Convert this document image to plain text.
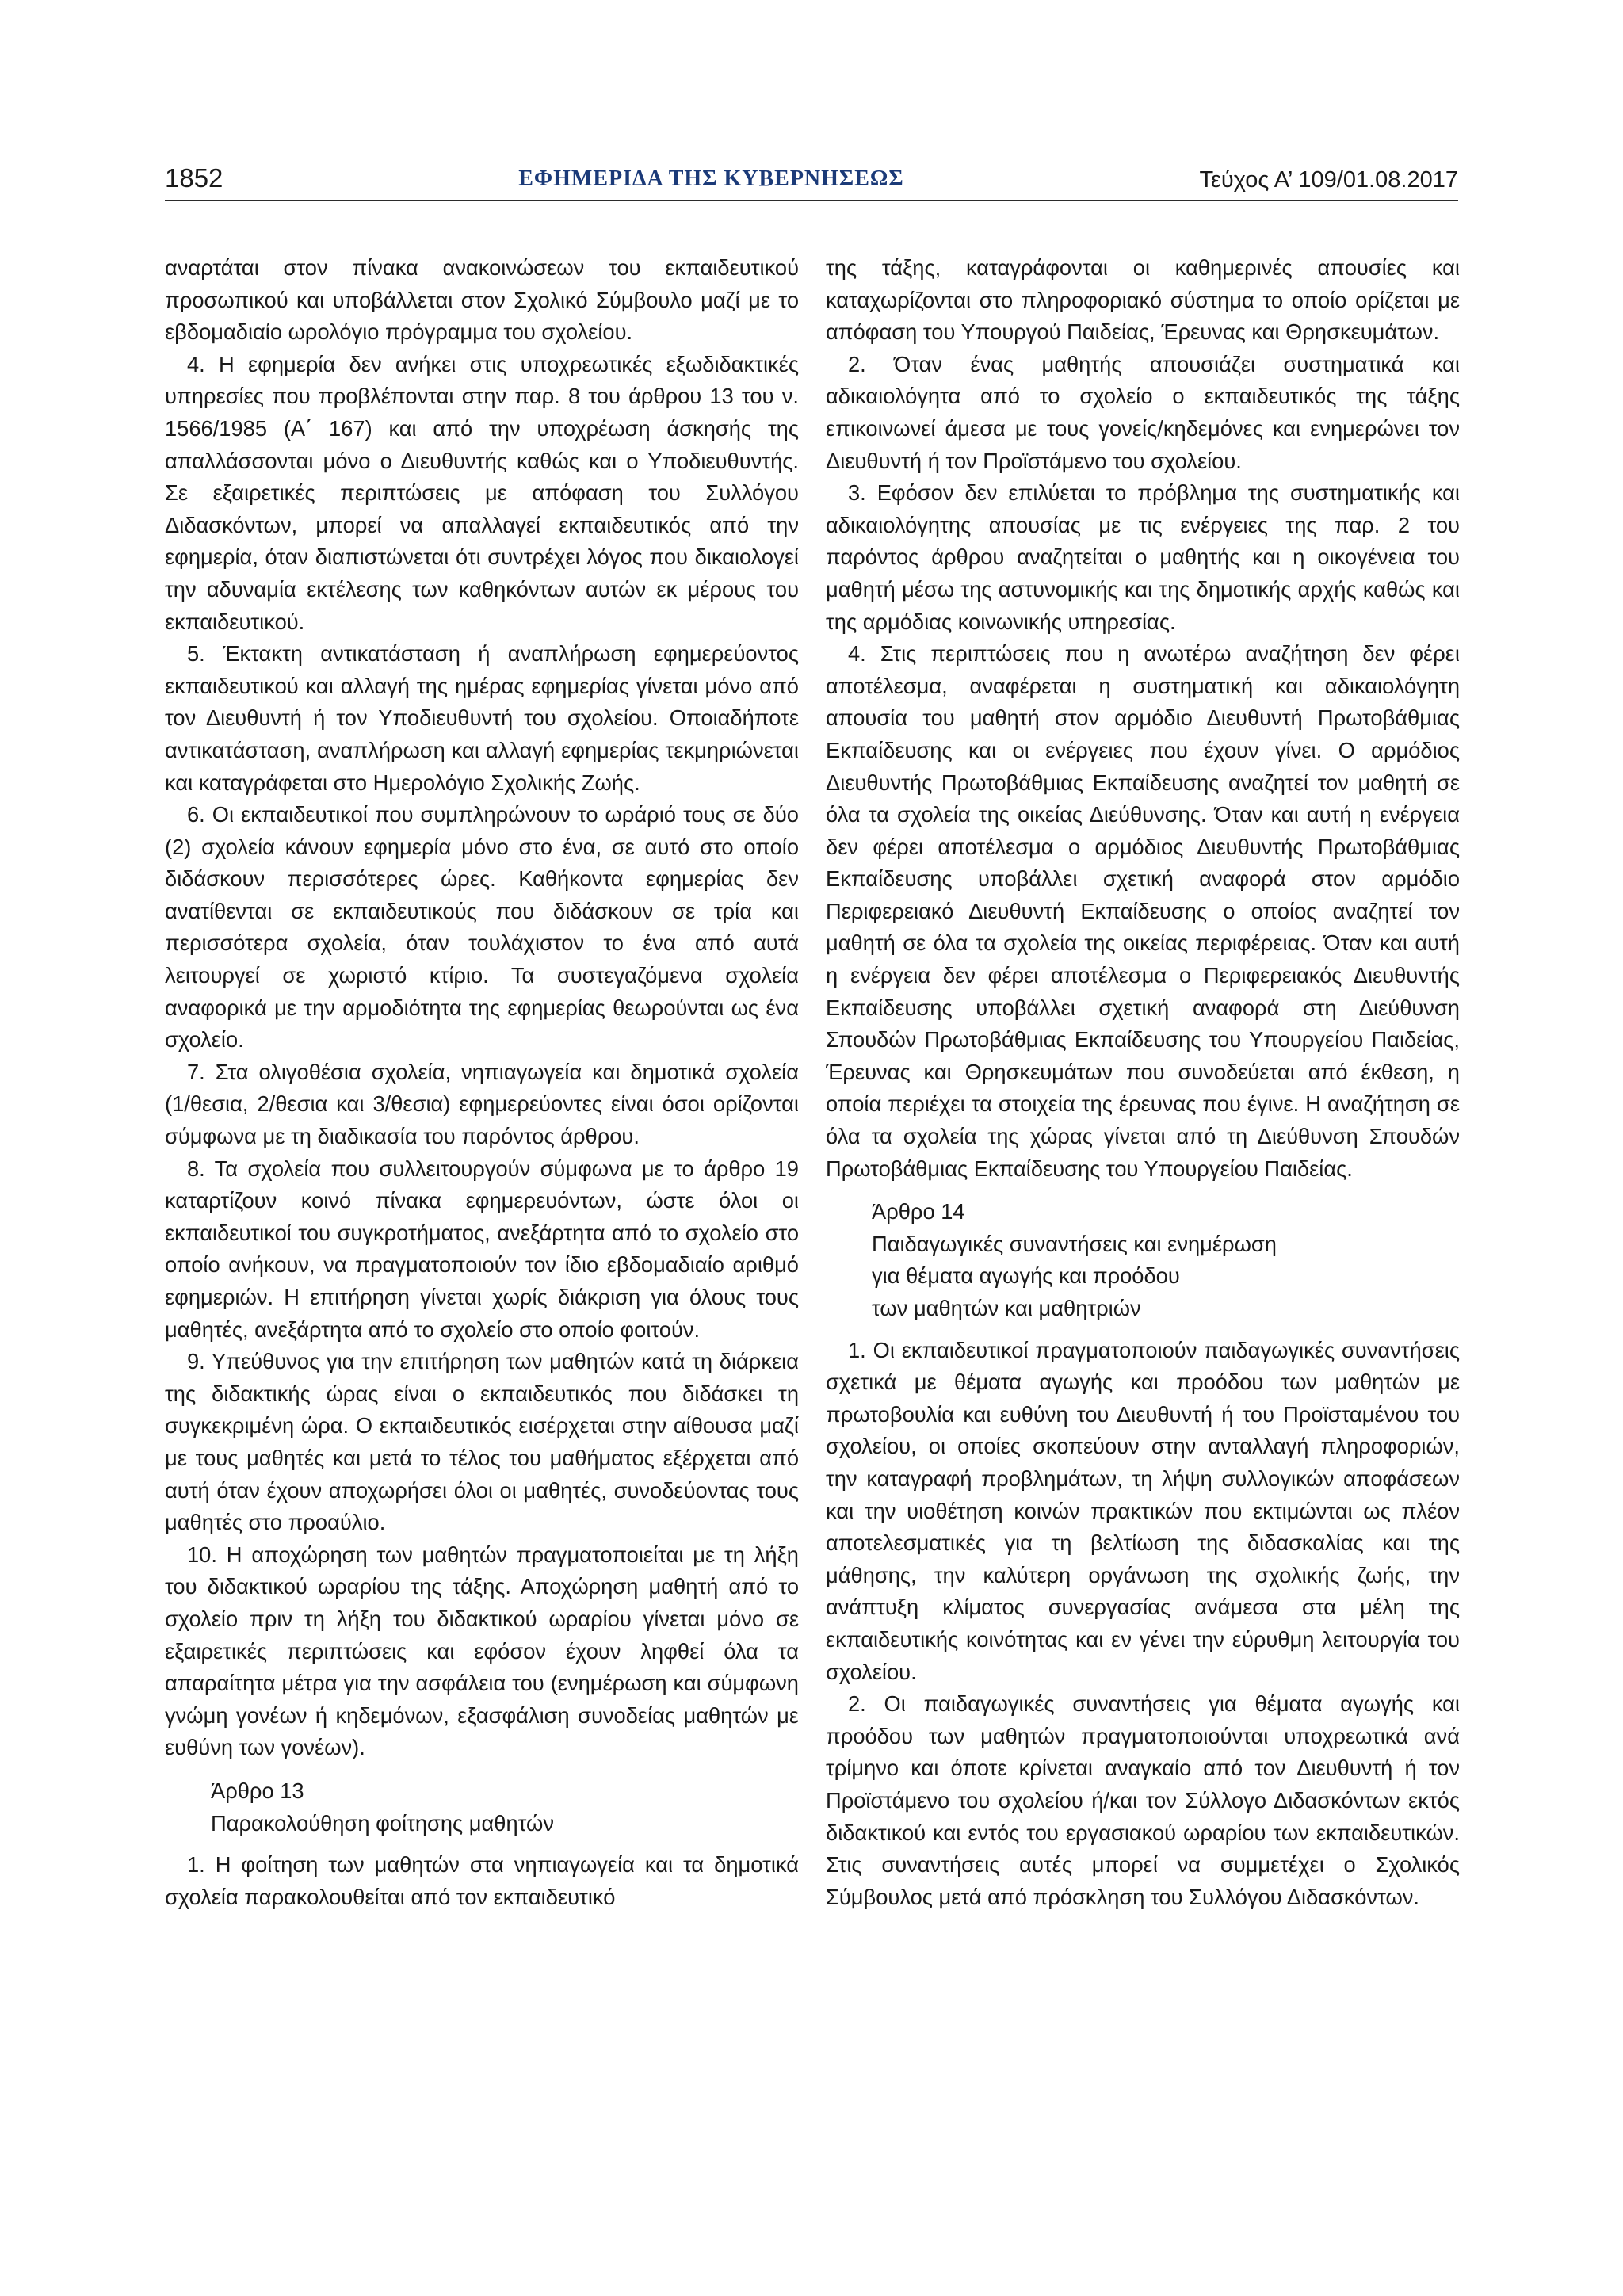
1852	ΕΦΗΜΕΡΙΔΑ ΤΗΣ ΚΥΒΕΡΝΗΣΕΩΣ	Τεύχος Α’ 109/01.08.2017

αναρτάται στον πίνακα ανακοινώσεων του εκπαιδευτικού προσωπικού και υποβάλλεται στον Σχολικό Σύμβουλο μαζί με το εβδομαδιαίο ωρολόγιο πρόγραμμα του σχολείου.

4. Η εφημερία δεν ανήκει στις υποχρεωτικές εξωδιδακτικές υπηρεσίες που προβλέπονται στην παρ. 8 του άρθρου 13 του ν. 1566/1985 (Α΄ 167) και από την υποχρέωση άσκησής της απαλλάσσονται μόνο ο Διευθυντής καθώς και ο Υποδιευθυντής. Σε εξαιρετικές περιπτώσεις με απόφαση του Συλλόγου Διδασκόντων, μπορεί να απαλλαγεί εκπαιδευτικός από την εφημερία, όταν διαπιστώνεται ότι συντρέχει λόγος που δικαιολογεί την αδυναμία εκτέλεσης των καθηκόντων αυτών εκ μέρους του εκπαιδευτικού.

5. Έκτακτη αντικατάσταση ή αναπλήρωση εφημερεύοντος εκπαιδευτικού και αλλαγή της ημέρας εφημερίας γίνεται μόνο από τον Διευθυντή ή τον Υποδιευθυντή του σχολείου. Οποιαδήποτε αντικατάσταση, αναπλήρωση και αλλαγή εφημερίας τεκμηριώνεται και καταγράφεται στο Ημερολόγιο Σχολικής Ζωής.

6. Οι εκπαιδευτικοί που συμπληρώνουν το ωράριό τους σε δύο (2) σχολεία κάνουν εφημερία μόνο στο ένα, σε αυτό στο οποίο διδάσκουν περισσότερες ώρες. Καθήκοντα εφημερίας δεν ανατίθενται σε εκπαιδευτικούς που διδάσκουν σε τρία και περισσότερα σχολεία, όταν τουλάχιστον το ένα από αυτά λειτουργεί σε χωριστό κτίριο. Τα συστεγαζόμενα σχολεία αναφορικά με την αρμοδιότητα της εφημερίας θεωρούνται ως ένα σχολείο.

7. Στα ολιγοθέσια σχολεία, νηπιαγωγεία και δημοτικά σχολεία (1/θεσια, 2/θεσια και 3/θεσια) εφημερεύοντες είναι όσοι ορίζονται σύμφωνα με τη διαδικασία του παρόντος άρθρου.

8. Τα σχολεία που συλλειτουργούν σύμφωνα με το άρθρο 19 καταρτίζουν κοινό πίνακα εφημερευόντων, ώστε όλοι οι εκπαιδευτικοί του συγκροτήματος, ανεξάρτητα από το σχολείο στο οποίο ανήκουν, να πραγματοποιούν τον ίδιο εβδομαδιαίο αριθμό εφημεριών. Η επιτήρηση γίνεται χωρίς διάκριση για όλους τους μαθητές, ανεξάρτητα από το σχολείο στο οποίο φοιτούν.

9. Υπεύθυνος για την επιτήρηση των μαθητών κατά τη διάρκεια της διδακτικής ώρας είναι ο εκπαιδευτικός που διδάσκει τη συγκεκριμένη ώρα. Ο εκπαιδευτικός εισέρχεται στην αίθουσα μαζί με τους μαθητές και μετά το τέλος του μαθήματος εξέρχεται από αυτή όταν έχουν αποχωρήσει όλοι οι μαθητές, συνοδεύοντας τους μαθητές στο προαύλιο.

10. Η αποχώρηση των μαθητών πραγματοποιείται με τη λήξη του διδακτικού ωραρίου της τάξης. Αποχώρηση μαθητή από το σχολείο πριν τη λήξη του διδακτικού ωραρίου γίνεται μόνο σε εξαιρετικές περιπτώσεις και εφόσον έχουν ληφθεί όλα τα απαραίτητα μέτρα για την ασφάλεια του (ενημέρωση και σύμφωνη γνώμη γονέων ή κηδεμόνων, εξασφάλιση συνοδείας μαθητών με ευθύνη των γονέων).

Άρθρο 13

Παρακολούθηση φοίτησης μαθητών

1. Η φοίτηση των μαθητών στα νηπιαγωγεία και τα δημοτικά σχολεία παρακολουθείται από τον εκπαιδευτικό

της τάξης, καταγράφονται οι καθημερινές απουσίες και καταχωρίζονται στο πληροφοριακό σύστημα το οποίο ορίζεται με απόφαση του Υπουργού Παιδείας, Έρευνας και Θρησκευμάτων.

2. Όταν ένας μαθητής απουσιάζει συστηματικά και αδικαιολόγητα από το σχολείο ο εκπαιδευτικός της τάξης επικοινωνεί άμεσα με τους γονείς/κηδεμόνες και ενημερώνει τον Διευθυντή ή τον Προϊστάμενο του σχολείου.

3. Εφόσον δεν επιλύεται το πρόβλημα της συστηματικής και αδικαιολόγητης απουσίας με τις ενέργειες της παρ. 2 του παρόντος άρθρου αναζητείται ο μαθητής και η οικογένεια του μαθητή μέσω της αστυνομικής και της δημοτικής αρχής καθώς και της αρμόδιας κοινωνικής υπηρεσίας.

4. Στις περιπτώσεις που η ανωτέρω αναζήτηση δεν φέρει αποτέλεσμα, αναφέρεται η συστηματική και αδικαιολόγητη απουσία του μαθητή στον αρμόδιο Διευθυντή Πρωτοβάθμιας Εκπαίδευσης και οι ενέργειες που έχουν γίνει. Ο αρμόδιος Διευθυντής Πρωτοβάθμιας Εκπαίδευσης αναζητεί τον μαθητή σε όλα τα σχολεία της οικείας Διεύθυνσης. Όταν και αυτή η ενέργεια δεν φέρει αποτέλεσμα ο αρμόδιος Διευθυντής Πρωτοβάθμιας Εκπαίδευσης υποβάλλει σχετική αναφορά στον αρμόδιο Περιφερειακό Διευθυντή Εκπαίδευσης ο οποίος αναζητεί τον μαθητή σε όλα τα σχολεία της οικείας περιφέρειας. Όταν και αυτή η ενέργεια δεν φέρει αποτέλεσμα ο Περιφερειακός Διευθυντής Εκπαίδευσης υποβάλλει σχετική αναφορά στη Διεύθυνση Σπουδών Πρωτοβάθμιας Εκπαίδευσης του Υπουργείου Παιδείας, Έρευνας και Θρησκευμάτων που συνοδεύεται από έκθεση, η οποία περιέχει τα στοιχεία της έρευνας που έγινε. Η αναζήτηση σε όλα τα σχολεία της χώρας γίνεται από τη Διεύθυνση Σπουδών Πρωτοβάθμιας Εκπαίδευσης του Υπουργείου Παιδείας.

Άρθρο 14

Παιδαγωγικές συναντήσεις και ενημέρωση

για θέματα αγωγής και προόδου

των μαθητών και μαθητριών

1. Οι εκπαιδευτικοί πραγματοποιούν παιδαγωγικές συναντήσεις σχετικά με θέματα αγωγής και προόδου των μαθητών με πρωτοβουλία και ευθύνη του Διευθυντή ή του Προϊσταμένου του σχολείου, οι οποίες σκοπεύουν στην ανταλλαγή πληροφοριών, την καταγραφή προβλημάτων, τη λήψη συλλογικών αποφάσεων και την υιοθέτηση κοινών πρακτικών που εκτιμώνται ως πλέον αποτελεσματικές για τη βελτίωση της διδασκαλίας και της μάθησης, την καλύτερη οργάνωση της σχολικής ζωής, την ανάπτυξη κλίματος συνεργασίας ανάμεσα στα μέλη της εκπαιδευτικής κοινότητας και εν γένει την εύρυθμη λειτουργία του σχολείου.

2. Οι παιδαγωγικές συναντήσεις για θέματα αγωγής και προόδου των μαθητών πραγματοποιούνται υποχρεωτικά ανά τρίμηνο και όποτε κρίνεται αναγκαίο από τον Διευθυντή ή τον Προϊστάμενο του σχολείου ή/και τον Σύλλογο Διδασκόντων εκτός διδακτικού και εντός του εργασιακού ωραρίου των εκπαιδευτικών. Στις συναντήσεις αυτές μπορεί να συμμετέχει ο Σχολικός Σύμβουλος μετά από πρόσκληση του Συλλόγου Διδασκόντων.
